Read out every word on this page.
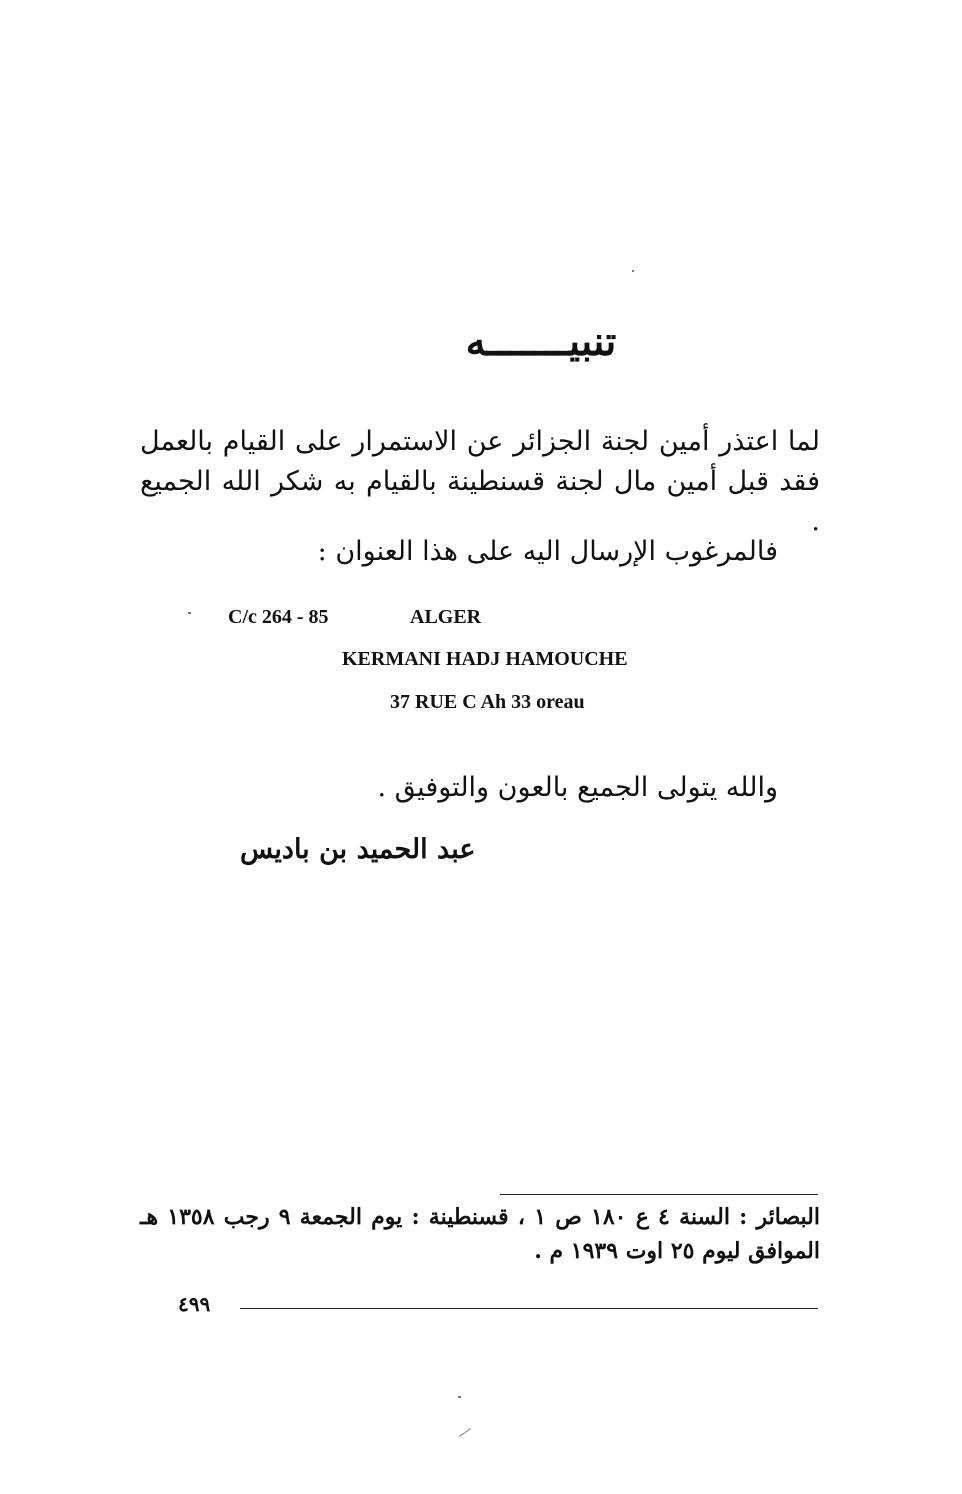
تنبيـــــــه
لما اعتذر أمين لجنة الجزائر عن الاستمرار على القيام بالعمل فقد قبل أمين مال لجنة قسنطينة بالقيام به شكر الله الجميع .
فالمرغوب الإرسال اليه على هذا العنوان :
C/c 264 - 85	ALGER
KERMANI HADJ HAMOUCHE
37 RUE C Ah 33 oreau
والله يتولى الجميع بالعون والتوفيق .
عبد الحميد بن باديس
البصائر : السنة ٤ ع ١٨٠ ص ١ ، قسنطينة : يوم الجمعة ٩ رجب ١٣٥٨ هـ الموافق ليوم ٢٥ اوت ١٩٣٩ م .
٤٩٩
